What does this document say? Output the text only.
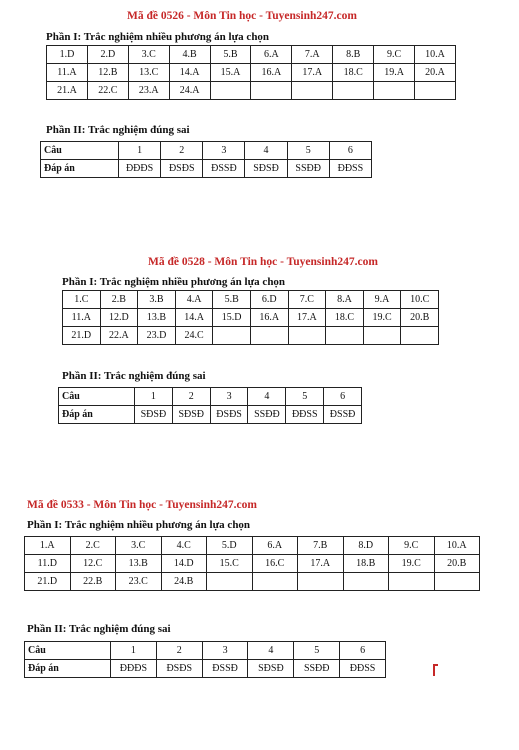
Mã đề 0526 - Môn Tin học - Tuyensinh247.com
Phần I: Trắc nghiệm nhiều phương án lựa chọn
1.D	2.D	3.C	4.B	5.B	6.A	7.A	8.B	9.C	10.A
11.A	12.B	13.C	14.A	15.A	16.A	17.A	18.C	19.A	20.A
21.A	22.C	23.A	24.A						
Phần II: Trắc nghiệm đúng sai
Câu	1	2	3	4	5	6
Đáp án	ĐĐĐS	ĐSĐS	ĐSSĐ	SĐSĐ	SSĐĐ	ĐĐSS
Mã đề 0528 - Môn Tin học - Tuyensinh247.com
Phần I: Trắc nghiệm nhiều phương án lựa chọn
1.C	2.B	3.B	4.A	5.B	6.D	7.C	8.A	9.A	10.C
11.A	12.D	13.B	14.A	15.D	16.A	17.A	18.C	19.C	20.B
21.D	22.A	23.D	24.C						
Phần II: Trắc nghiệm đúng sai
Câu	1	2	3	4	5	6
Đáp án	SĐSĐ	SĐSĐ	ĐSĐS	SSĐĐ	ĐĐSS	ĐSSĐ
Mã đề 0533 - Môn Tin học - Tuyensinh247.com
Phần I: Trắc nghiệm nhiều phương án lựa chọn
1.A	2.C	3.C	4.C	5.D	6.A	7.B	8.D	9.C	10.A
11.D	12.C	13.B	14.D	15.C	16.C	17.A	18.B	19.C	20.B
21.D	22.B	23.C	24.B						
Phần II: Trắc nghiệm đúng sai
Câu	1	2	3	4	5	6
Đáp án	ĐĐĐS	ĐSĐS	ĐSSĐ	SĐSĐ	SSĐĐ	ĐĐSS
